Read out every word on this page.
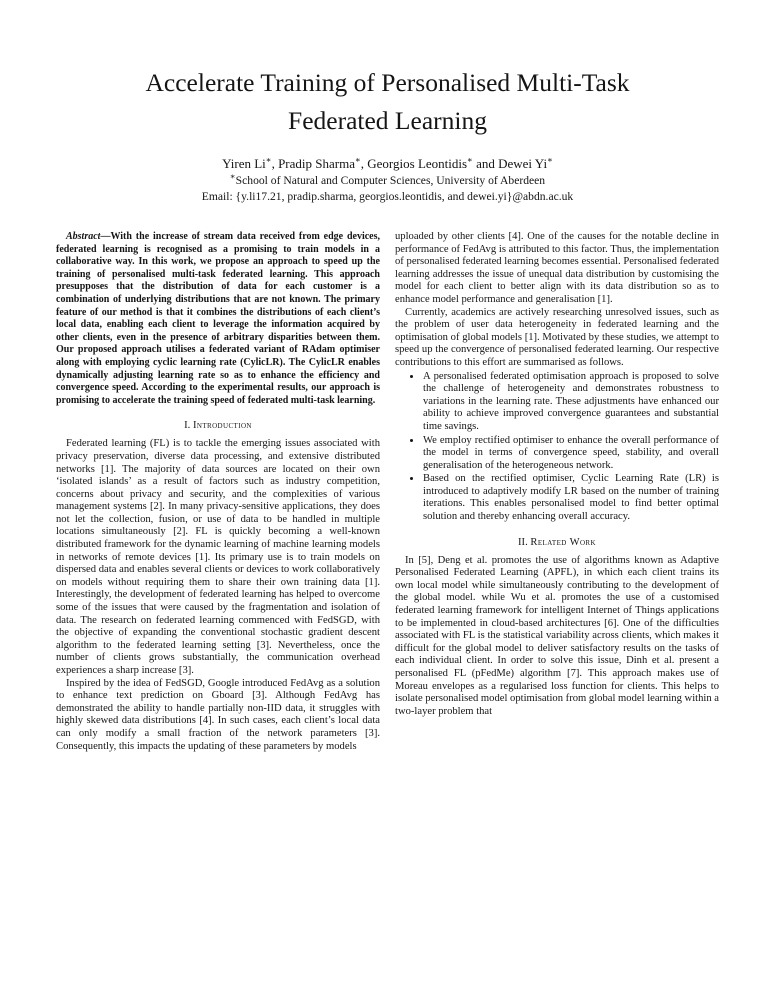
Accelerate Training of Personalised Multi-Task
Federated Learning
Yiren Li∗, Pradip Sharma∗, Georgios Leontidis∗ and Dewei Yi∗
∗School of Natural and Computer Sciences, University of Aberdeen
Email: {y.li17.21, pradip.sharma, georgios.leontidis, and dewei.yi}@abdn.ac.uk

Abstract—With the increase of stream data received from edge devices, federated learning is recognised as a promising to train models in a collaborative way. In this work, we propose an approach to speed up the training of personalised multi-task federated learning. This approach presupposes that the distribution of data for each customer is a combination of underlying distributions that are not known. The primary feature of our method is that it combines the distributions of each client’s local data, enabling each client to leverage the information acquired by other clients, even in the presence of arbitrary disparities between them. Our proposed approach utilises a federated variant of RAdam optimiser along with employing cyclic learning rate (CylicLR). The CylicLR enables dynamically adjusting learning rate so as to enhance the efficiency and convergence speed. According to the experimental results, our approach is promising to accelerate the training speed of federated multi-task learning.

I. Introduction

Federated learning (FL) is to tackle the emerging issues associated with privacy preservation, diverse data processing, and extensive distributed networks [1]. The majority of data sources are located on their own ‘isolated islands’ as a result of factors such as industry competition, concerns about privacy and security, and the complexities of various management systems [2]. In many privacy-sensitive applications, they does not let the collection, fusion, or use of data to be handled in multiple locations simultaneously [2]. FL is quickly becoming a well-known distributed framework for the dynamic learning of machine learning models in networks of remote devices [1]. Its primary use is to train models on dispersed data and enables several clients or devices to work collaboratively on models without requiring them to share their own training data [1]. Interestingly, the development of federated learning has helped to overcome some of the issues that were caused by the fragmentation and isolation of data. The research on federated learning commenced with FedSGD, with the objective of expanding the conventional stochastic gradient descent algorithm to the federated learning setting [3]. Nevertheless, once the number of clients grows substantially, the communication overhead experiences a sharp increase [3].

Inspired by the idea of FedSGD, Google introduced FedAvg as a solution to enhance text prediction on Gboard [3]. Although FedAvg has demonstrated the ability to handle partially non-IID data, it struggles with highly skewed data distributions [4]. In such cases, each client’s local data can only modify a small fraction of the network parameters [3]. Consequently, this impacts the updating of these parameters by models

uploaded by other clients [4]. One of the causes for the notable decline in performance of FedAvg is attributed to this factor. Thus, the implementation of personalised federated learning becomes essential. Personalised federated learning addresses the issue of unequal data distribution by customising the model for each client to better align with its data distribution so as to enhance model performance and generalisation [1].

Currently, academics are actively researching unresolved issues, such as the problem of user data heterogeneity in federated learning and the optimisation of global models [1]. Motivated by these studies, we attempt to speed up the convergence of personalised federated learning. Our respective contributions to this effort are summarised as follows.

• A personalised federated optimisation approach is proposed to solve the challenge of heterogeneity and demonstrates robustness to variations in the learning rate. These adjustments have enhanced our ability to achieve improved convergence guarantees and substantial time savings.
• We employ rectified optimiser to enhance the overall performance of the model in terms of convergence speed, stability, and overall generalisation of the heterogeneous network.
• Based on the rectified optimiser, Cyclic Learning Rate (LR) is introduced to adaptively modify LR based on the number of training iterations. This enables personalised model to find better optimal solution and thereby enhancing overall accuracy.
II. Related Work

In [5], Deng et al. promotes the use of algorithms known as Adaptive Personalised Federated Learning (APFL), in which each client trains its own local model while simultaneously contributing to the development of the global model. while Wu et al. promotes the use of a customised federated learning framework for intelligent Internet of Things applications to be implemented in cloud-based architectures [6]. One of the difficulties associated with FL is the statistical variability across clients, which makes it difficult for the global model to deliver satisfactory results on the tasks of each individual client. In order to solve this issue, Dinh et al. present a personalised FL (pFedMe) algorithm [7]. This approach makes use of Moreau envelopes as a regularised loss function for clients. This helps to isolate personalised model optimisation from global model learning within a two-layer problem that
